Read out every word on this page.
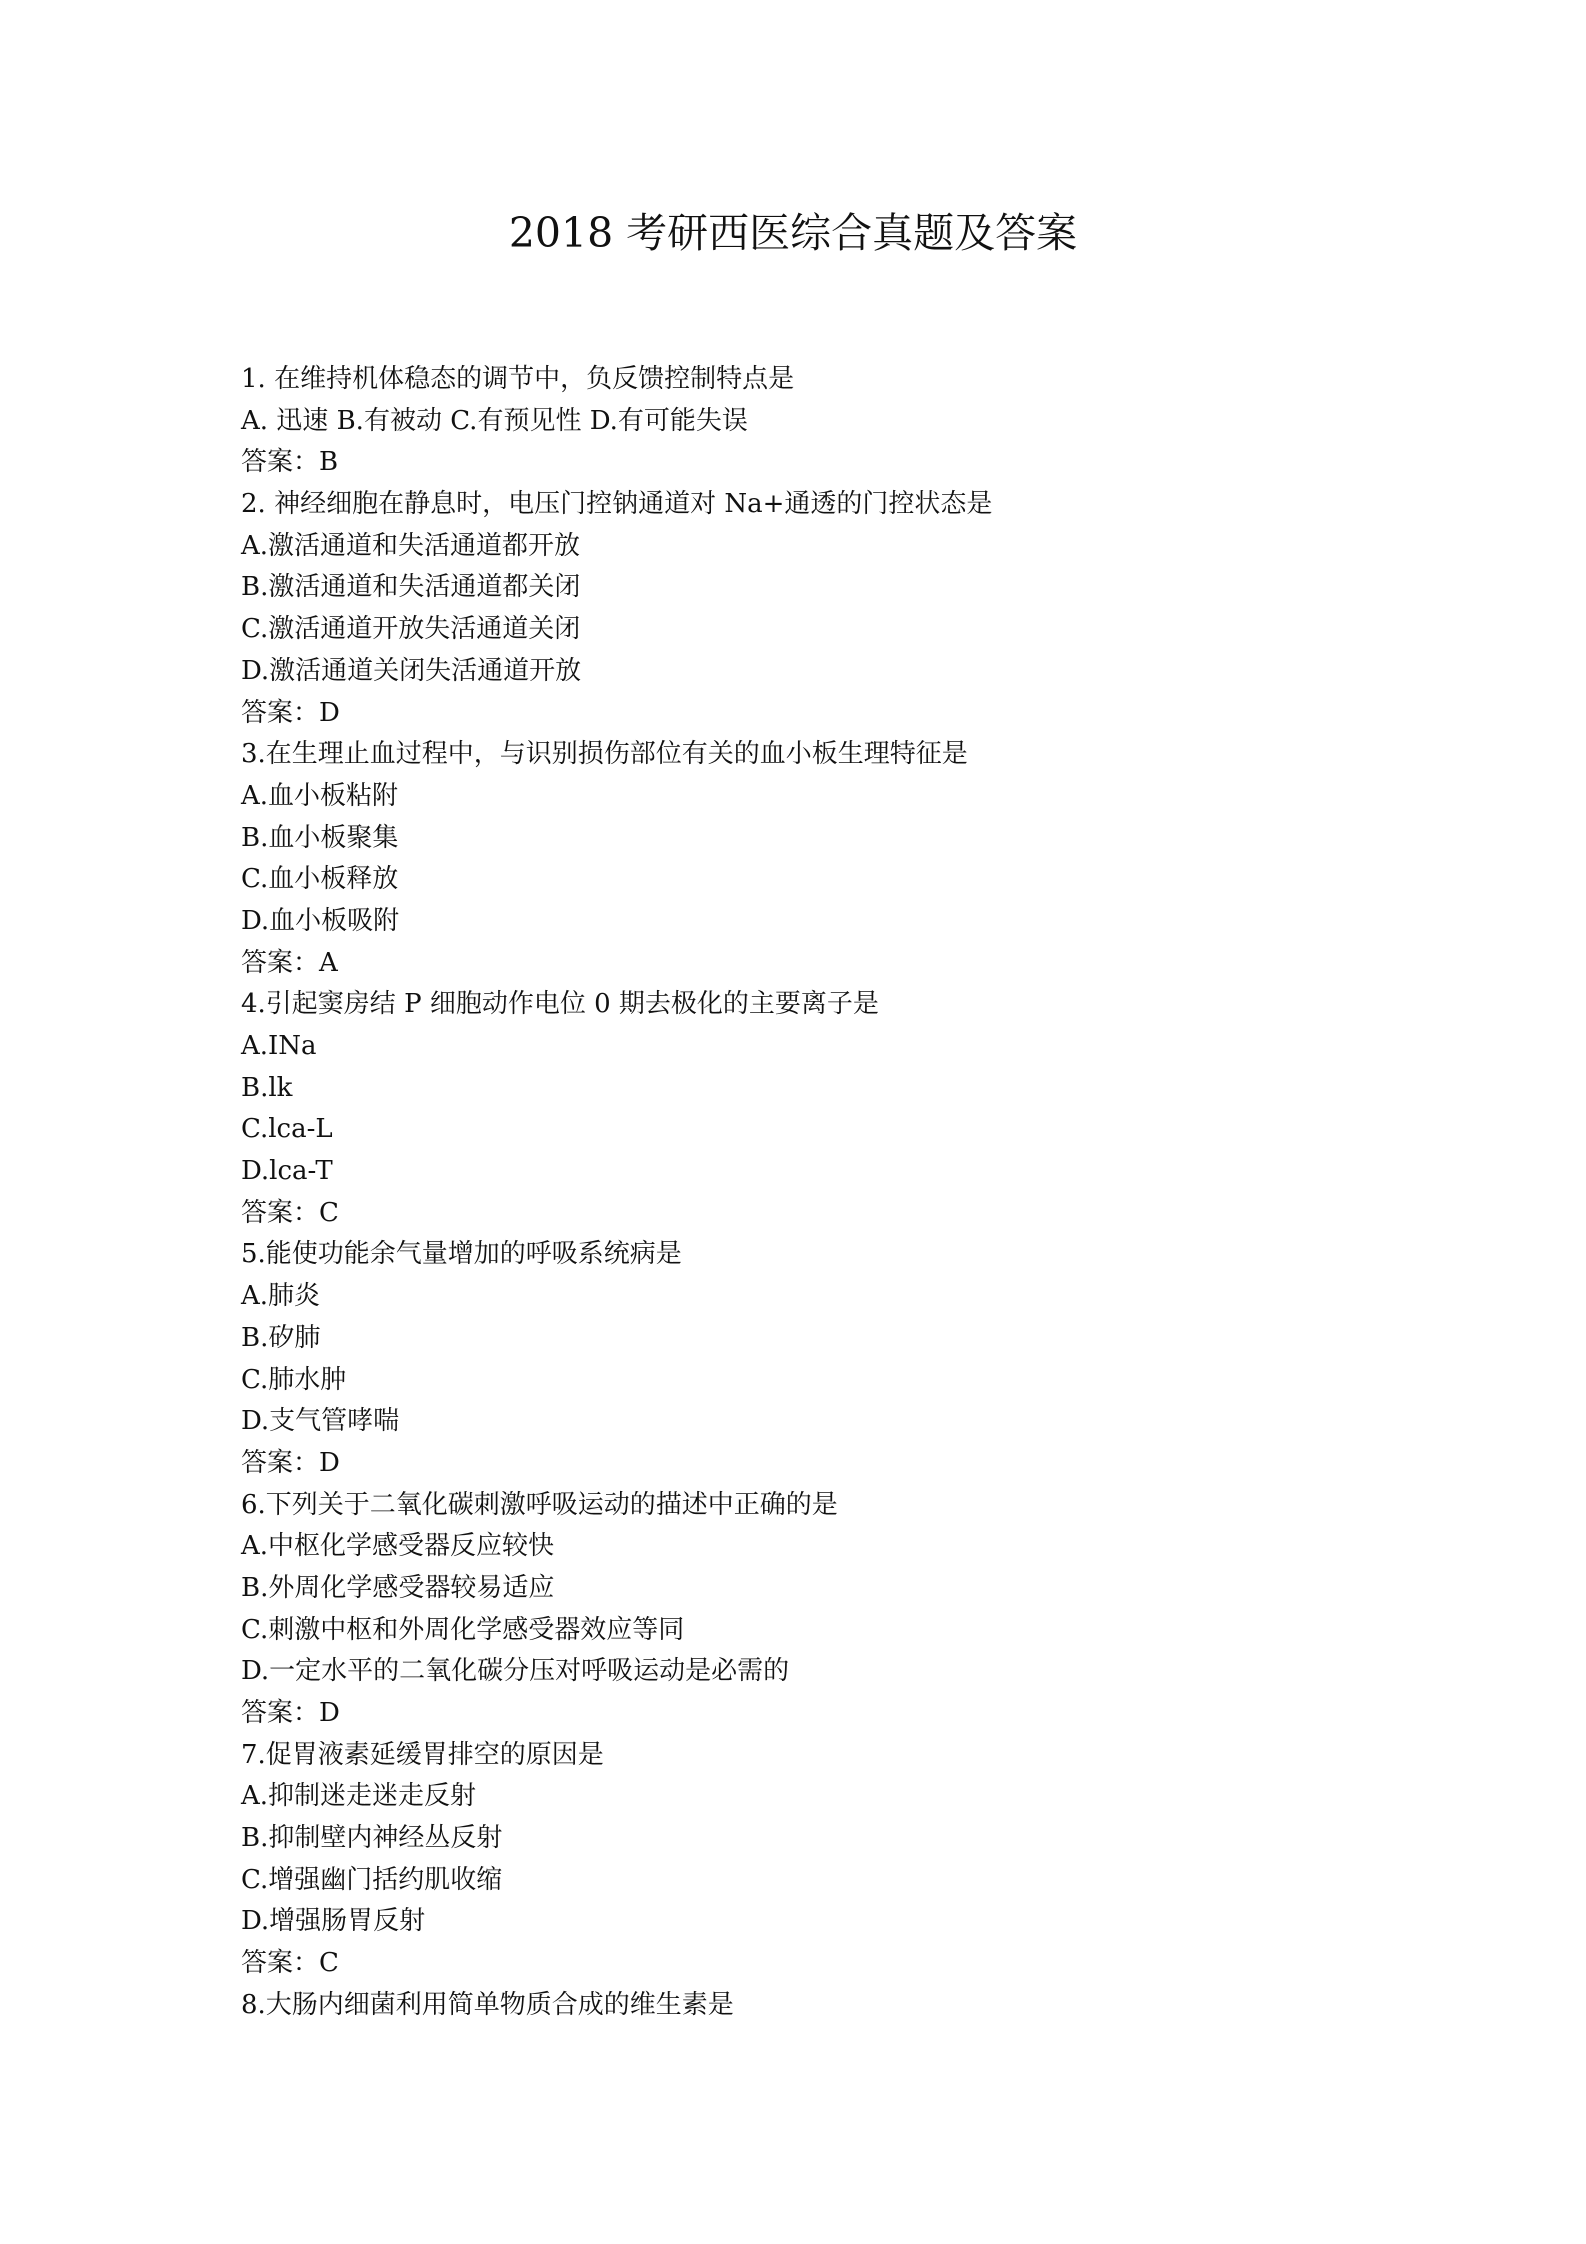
2018 考研西医综合真题及答案

1. 在维持机体稳态的调节中，负反馈控制特点是

A. 迅速 B.有被动 C.有预见性 D.有可能失误

答案：B

2. 神经细胞在静息时，电压门控钠通道对 Na+通透的门控状态是

A.激活通道和失活通道都开放

B.激活通道和失活通道都关闭

C.激活通道开放失活通道关闭

D.激活通道关闭失活通道开放

答案：D

3.在生理止血过程中，与识别损伤部位有关的血小板生理特征是

A.血小板粘附

B.血小板聚集

C.血小板释放

D.血小板吸附

答案：A

4.引起窦房结 P 细胞动作电位 0 期去极化的主要离子是

A.INa

B.lk

C.lca-L

D.lca-T

答案：C

5.能使功能余气量增加的呼吸系统病是

A.肺炎

B.矽肺

C.肺水肿

D.支气管哮喘

答案：D

6.下列关于二氧化碳刺激呼吸运动的描述中正确的是

A.中枢化学感受器反应较快

B.外周化学感受器较易适应

C.刺激中枢和外周化学感受器效应等同

D.一定水平的二氧化碳分压对呼吸运动是必需的

答案：D

7.促胃液素延缓胃排空的原因是

A.抑制迷走迷走反射

B.抑制壁内神经丛反射

C.增强幽门括约肌收缩

D.增强肠胃反射

答案：C

8.大肠内细菌利用简单物质合成的维生素是
